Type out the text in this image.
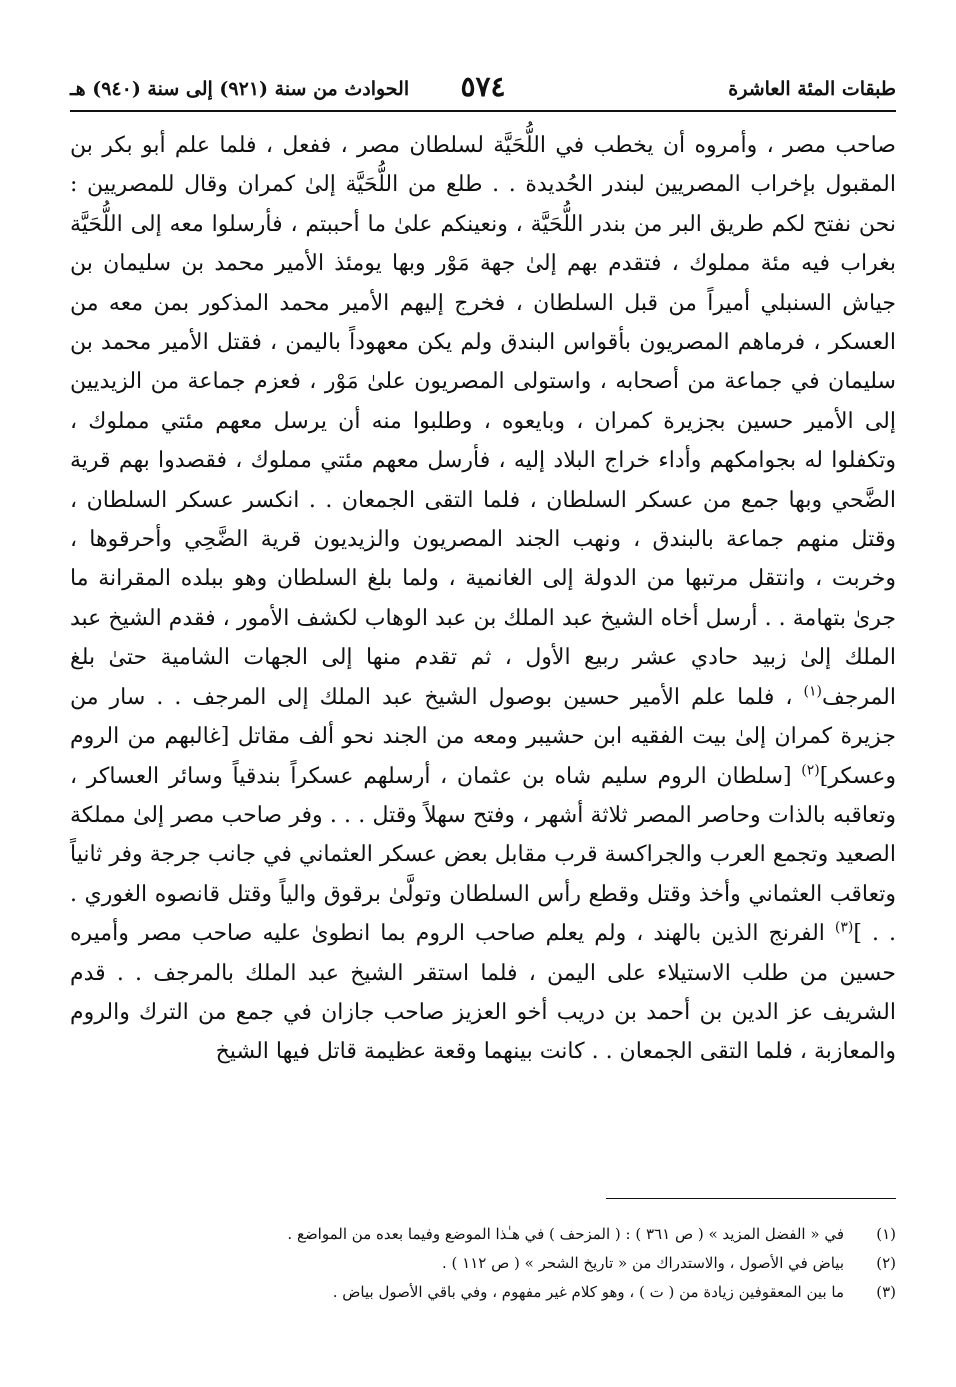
طبقات المئة العاشرة
٥٧٤
الحوادث من سنة (٩٢١) إلى سنة (٩٤٠) هـ

صاحب مصر ، وأمروه أن يخطب في اللُّحَيَّة لسلطان مصر ، ففعل ، فلما علم أبو بكر بن المقبول بإخراب المصريين لبندر الحُديدة . . طلع من اللُّحَيَّة إلىٰ كمران وقال للمصريين : نحن نفتح لكم طريق البر من بندر اللُّحَيَّة ، ونعينكم علىٰ ما أحببتم ، فأرسلوا معه إلى اللُّحَيَّة بغراب فيه مئة مملوك ، فتقدم بهم إلىٰ جهة مَوْر وبها يومئذ الأمير محمد بن سليمان بن جياش السنبلي أميراً من قبل السلطان ، فخرج إليهم الأمير محمد المذكور بمن معه من العسكر ، فرماهم المصريون بأقواس البندق ولم يكن معهوداً باليمن ، فقتل الأمير محمد بن سليمان في جماعة من أصحابه ، واستولى المصريون علىٰ مَوْر ، فعزم جماعة من الزيديين إلى الأمير حسين بجزيرة كمران ، وبايعوه ، وطلبوا منه أن يرسل معهم مئتي مملوك ، وتكفلوا له بجوامكهم وأداء خراج البلاد إليه ، فأرسل معهم مئتي مملوك ، فقصدوا بهم قرية الضَّحي وبها جمع من عسكر السلطان ، فلما التقى الجمعان . . انكسر عسكر السلطان ، وقتل منهم جماعة بالبندق ، ونهب الجند المصريون والزيديون قرية الضَّحِي وأحرقوها ، وخربت ، وانتقل مرتبها من الدولة إلى الغانمية ، ولما بلغ السلطان وهو ببلده المقرانة ما جرىٰ بتهامة . . أرسل أخاه الشيخ عبد الملك بن عبد الوهاب لكشف الأمور ، فقدم الشيخ عبد الملك إلىٰ زبيد حادي عشر ربيع الأول ، ثم تقدم منها إلى الجهات الشامية حتىٰ بلغ المرجف$^{(١)}$ ، فلما علم الأمير حسين بوصول الشيخ عبد الملك إلى المرجف . . سار من جزيرة كمران إلىٰ بيت الفقيه ابن حشيبر ومعه من الجند نحو ألف مقاتل [غالبهم من الروم وعسكر]$^{(٢)}$ [سلطان الروم سليم شاه بن عثمان ، أرسلهم عسكراً بندقياً وسائر العساكر ، وتعاقبه بالذات وحاصر المصر ثلاثة أشهر ، وفتح سهلاً وقتل . . . وفر صاحب مصر إلىٰ مملكة الصعيد وتجمع العرب والجراكسة قرب مقابل بعض عسكر العثماني في جانب جرجة وفر ثانياً وتعاقب العثماني وأخذ وقتل وقطع رأس السلطان وتولَّىٰ برقوق والياً وقتل قانصوه الغوري . . . ]$^{(٣)}$ الفرنج الذين بالهند ، ولم يعلم صاحب الروم بما انطوىٰ عليه صاحب مصر وأميره حسين من طلب الاستيلاء على اليمن ، فلما استقر الشيخ عبد الملك بالمرجف . . قدم الشريف عز الدين بن أحمد بن دريب أخو العزيز صاحب جازان في جمع من الترك والروم والمعازبة ، فلما التقى الجمعان . . كانت بينهما وقعة عظيمة قاتل فيها الشيخ

(١)
في « الفضل المزيد » ( ص ٣٦١ ) : ( المزحف ) في هـٰذا الموضع وفيما بعده من المواضع .
(٢)
بياض في الأصول ، والاستدراك من « تاريخ الشحر » ( ص ١١٢ ) .
(٣)
ما بين المعقوفين زيادة من ( ت ) ، وهو كلام غير مفهوم ، وفي باقي الأصول بياض .
